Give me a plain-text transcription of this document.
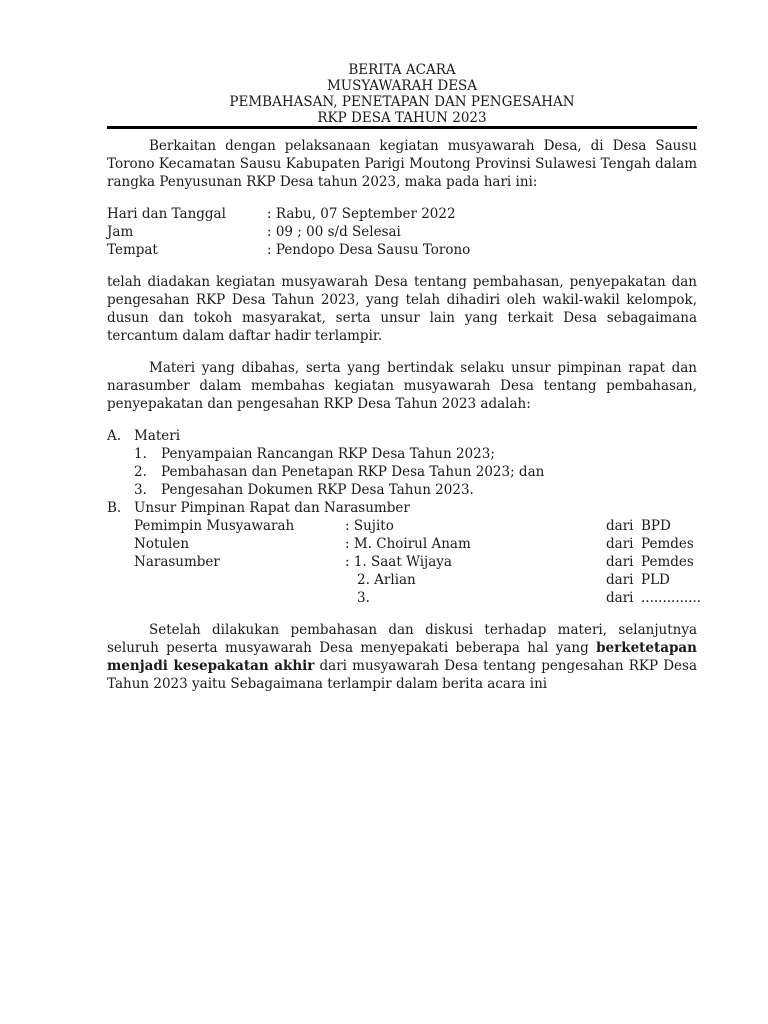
BERITA ACARA
MUSYAWARAH DESA
PEMBAHASAN, PENETAPAN DAN PENGESAHAN
RKP DESA TAHUN 2023

Berkaitan dengan pelaksanaan kegiatan musyawarah Desa, di Desa Sausu Torono Kecamatan Sausu Kabupaten Parigi Moutong Provinsi Sulawesi Tengah dalam rangka Penyusunan RKP Desa tahun 2023, maka pada hari ini:

Hari dan Tanggal	: Rabu, 07 September 2022
Jam	: 09 ; 00 s/d Selesai
Tempat	: Pendopo Desa Sausu Torono

telah diadakan kegiatan musyawarah Desa tentang pembahasan, penyepakatan dan pengesahan RKP Desa Tahun 2023, yang telah dihadiri oleh wakil-wakil kelompok, dusun dan tokoh masyarakat, serta unsur lain yang terkait Desa sebagaimana tercantum dalam daftar hadir terlampir.

Materi yang dibahas, serta yang bertindak selaku unsur pimpinan rapat dan narasumber dalam membahas kegiatan musyawarah Desa tentang pembahasan, penyepakatan dan pengesahan RKP Desa Tahun 2023 adalah:

A. Materi
1. Penyampaian Rancangan RKP Desa Tahun 2023;
2. Pembahasan dan Penetapan RKP Desa Tahun 2023; dan
3. Pengesahan Dokumen RKP Desa Tahun 2023.
B. Unsur Pimpinan Rapat dan Narasumber
Pemimpin Musyawarah	: Sujito	dari BPD
Notulen	: M. Choirul Anam	dari Pemdes
Narasumber	: 1. Saat Wijaya	dari Pemdes
2. Arlian	dari PLD
3.	dari ..............

Setelah dilakukan pembahasan dan diskusi terhadap materi, selanjutnya seluruh peserta musyawarah Desa menyepakati beberapa hal yang berketetapan menjadi kesepakatan akhir dari musyawarah Desa tentang pengesahan RKP Desa Tahun 2023 yaitu Sebagaimana terlampir dalam berita acara ini
